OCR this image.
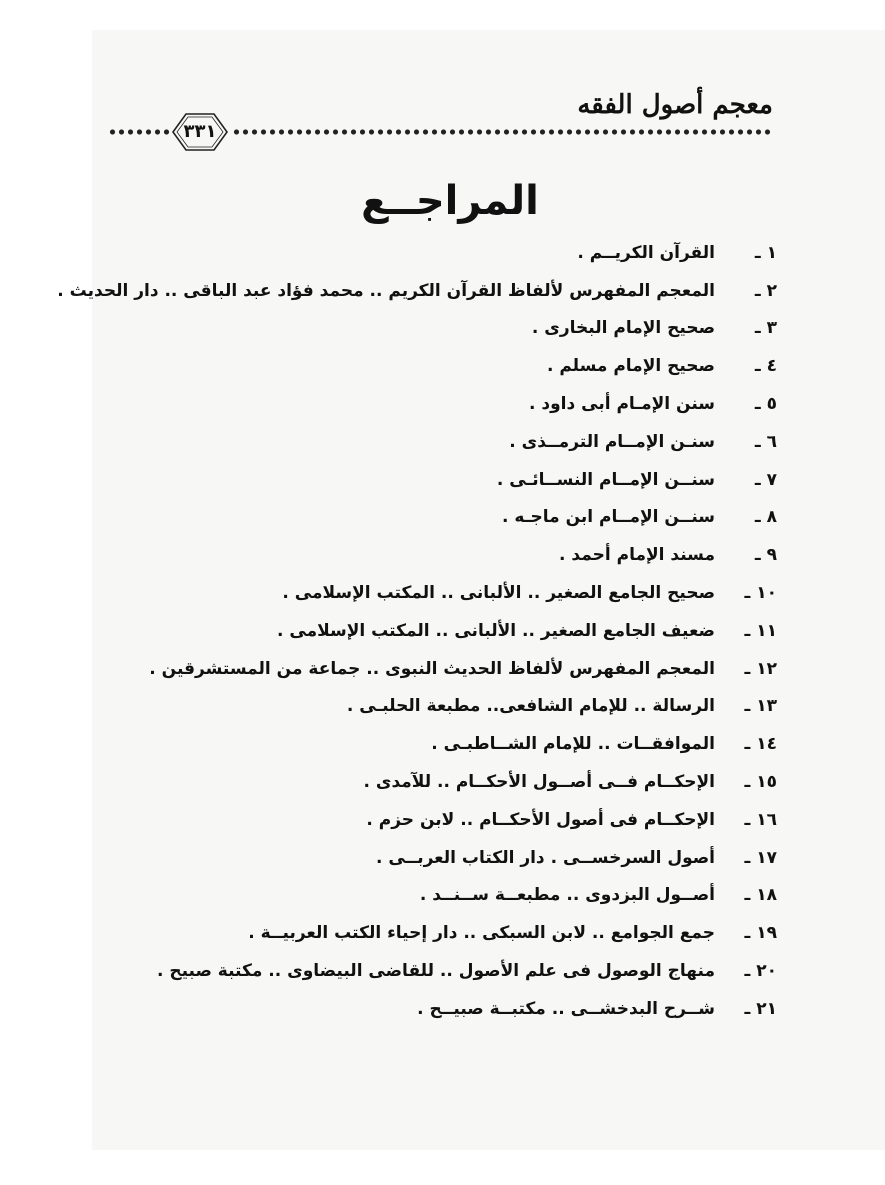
معجم أصول الفقه
٣٣١
المراجــع
١ ـ
القرآن الكريــم .
٢ ـ
المعجم المفهرس لألفاظ القرآن الكريم .. محمد فؤاد عبد الباقى .. دار الحديث .
٣ ـ
صحيح الإمام البخارى .
٤ ـ
صحيح الإمام مسلم .
٥ ـ
سنن الإمـام أبى داود .
٦ ـ
سنـن الإمــام الترمــذى .
٧ ـ
سنــن الإمــام النســائـى .
٨ ـ
سنــن الإمــام ابن ماجـه .
٩ ـ
مسند الإمام أحمد .
١٠ ـ
صحيح الجامع الصغير .. الألبانى .. المكتب الإسلامى .
١١ ـ
ضعيف الجامع الصغير .. الألبانى .. المكتب الإسلامى .
١٢ ـ
المعجم المفهرس لألفاظ الحديث النبوى .. جماعة من المستشرقين .
١٣ ـ
الرسالة .. للإمام الشافعى.. مطبعة الحلبـى .
١٤ ـ
الموافقــات .. للإمام الشــاطبـى .
١٥ ـ
الإحكــام فــى أصــول الأحكــام .. للآمدى .
١٦ ـ
الإحكــام فى أصول الأحكــام .. لابن حزم .
١٧ ـ
أصول السرخســى . دار الكتاب العربــى .
١٨ ـ
أصــول البزدوى .. مطبعــة ســنــد .
١٩ ـ
جمع الجوامع .. لابن السبكى .. دار إحياء الكتب العربيــة .
٢٠ ـ
منهاج الوصول فى علم الأصول .. للقاضى البيضاوى .. مكتبة صبيح .
٢١ ـ
شــرح البدخشــى .. مكتبــة صبيــح .
